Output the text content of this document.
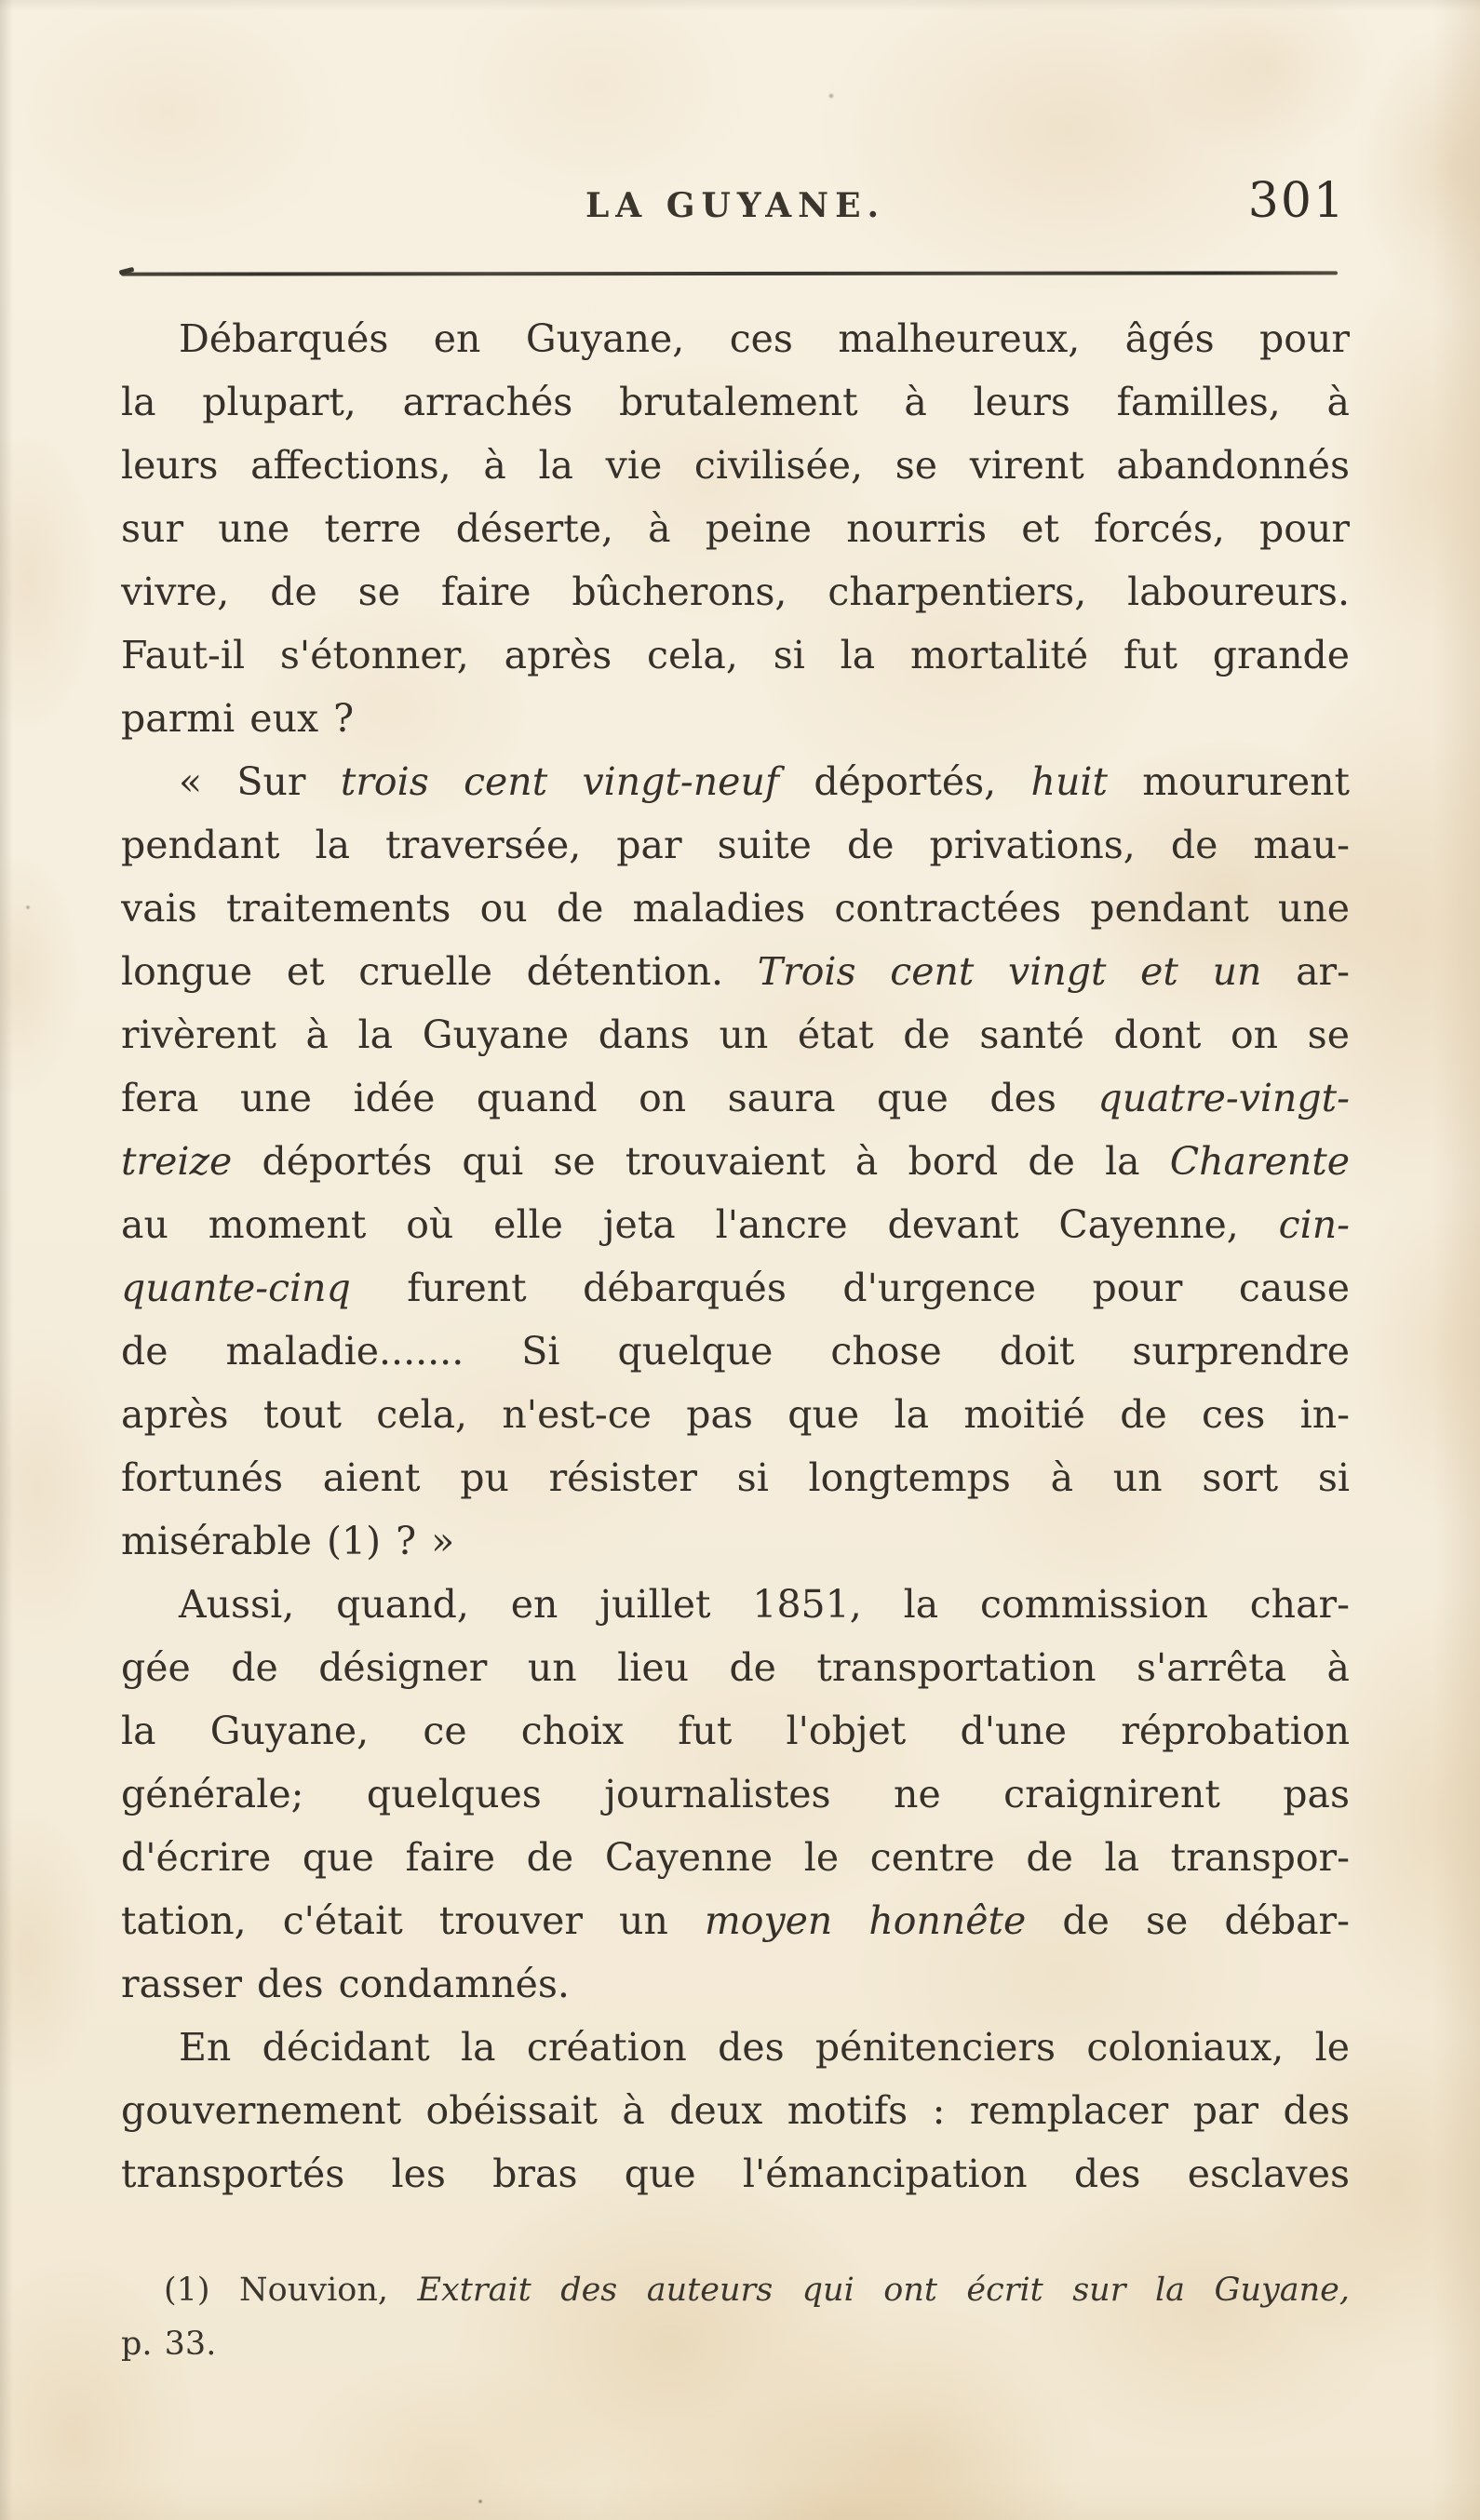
LA GUYANE.	301
Débarqués en Guyane, ces malheureux, âgés pour
la plupart, arrachés brutalement à leurs familles, à
leurs affections, à la vie civilisée, se virent abandonnés
sur une terre déserte, à peine nourris et forcés, pour
vivre, de se faire bûcherons, charpentiers, laboureurs.
Faut-il s'étonner, après cela, si la mortalité fut grande
parmi eux ?
« Sur trois cent vingt-neuf déportés, huit moururent
pendant la traversée, par suite de privations, de mau-
vais traitements ou de maladies contractées pendant une
longue et cruelle détention. Trois cent vingt et un ar-
rivèrent à la Guyane dans un état de santé dont on se
fera une idée quand on saura que des quatre-vingt-
treize déportés qui se trouvaient à bord de la Charente
au moment où elle jeta l'ancre devant Cayenne, cin-
quante-cinq furent débarqués d'urgence pour cause
de maladie....... Si quelque chose doit surprendre
après tout cela, n'est-ce pas que la moitié de ces in-
fortunés aient pu résister si longtemps à un sort si
misérable (1) ? »
Aussi, quand, en juillet 1851, la commission char-
gée de désigner un lieu de transportation s'arrêta à
la Guyane, ce choix fut l'objet d'une réprobation
générale; quelques journalistes ne craignirent pas
d'écrire que faire de Cayenne le centre de la transpor-
tation, c'était trouver un moyen honnête de se débar-
rasser des condamnés.
En décidant la création des pénitenciers coloniaux, le
gouvernement obéissait à deux motifs : remplacer par des
transportés les bras que l'émancipation des esclaves
(1) Nouvion, Extrait des auteurs qui ont écrit sur la Guyane,
p. 33.
